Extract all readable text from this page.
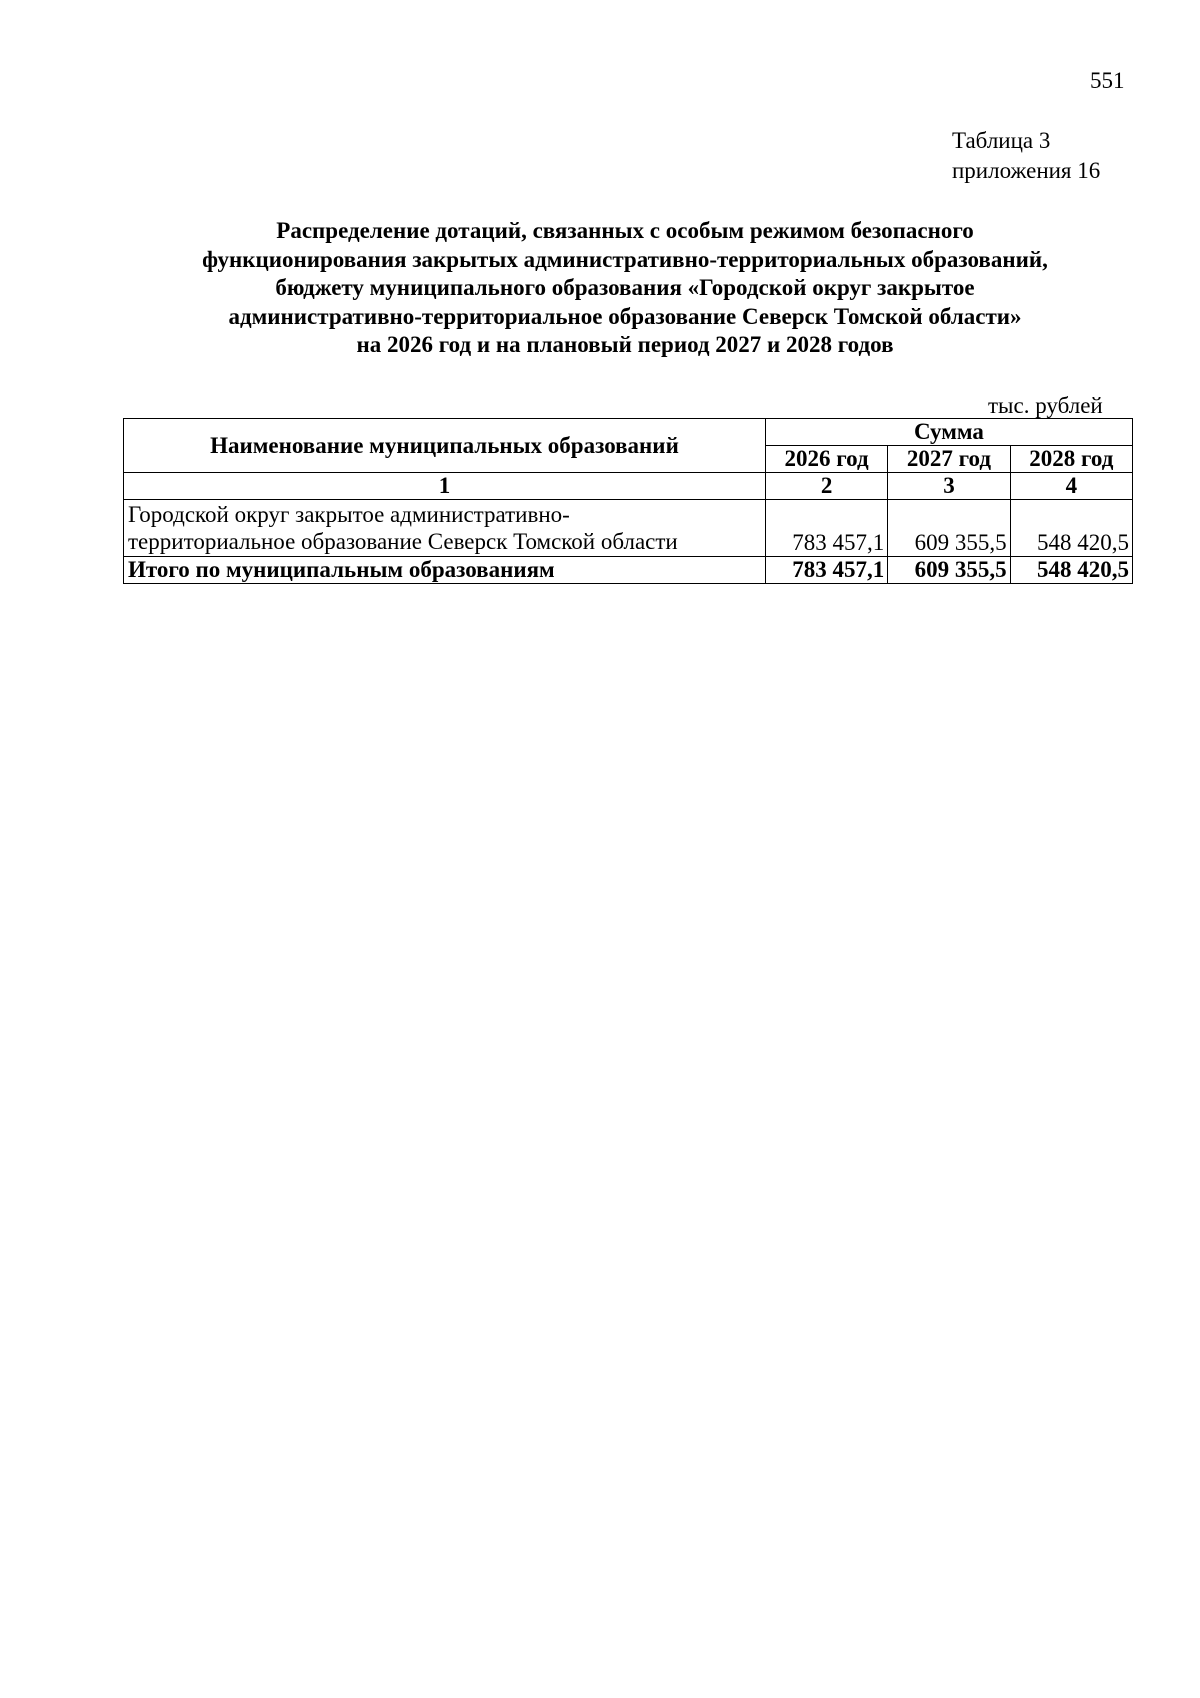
551
Таблица 3
приложения 16
Распределение дотаций, связанных с особым режимом безопасного
функционирования закрытых административно-территориальных образований,
бюджету муниципального образования «Городской округ закрытое
административно-территориальное образование Северск Томской области»
на 2026 год и на плановый период 2027 и 2028 годов
тыс. рублей
Наименование муниципальных образований	Сумма		
	2026 год	2027 год	2028 год
1	2	3	4

Городской округ закрытое административно-
территориальное образование Северск Томской области	783 457,1	609 355,5	548 420,5
Итого по муниципальным образованиям	783 457,1	609 355,5	548 420,5
